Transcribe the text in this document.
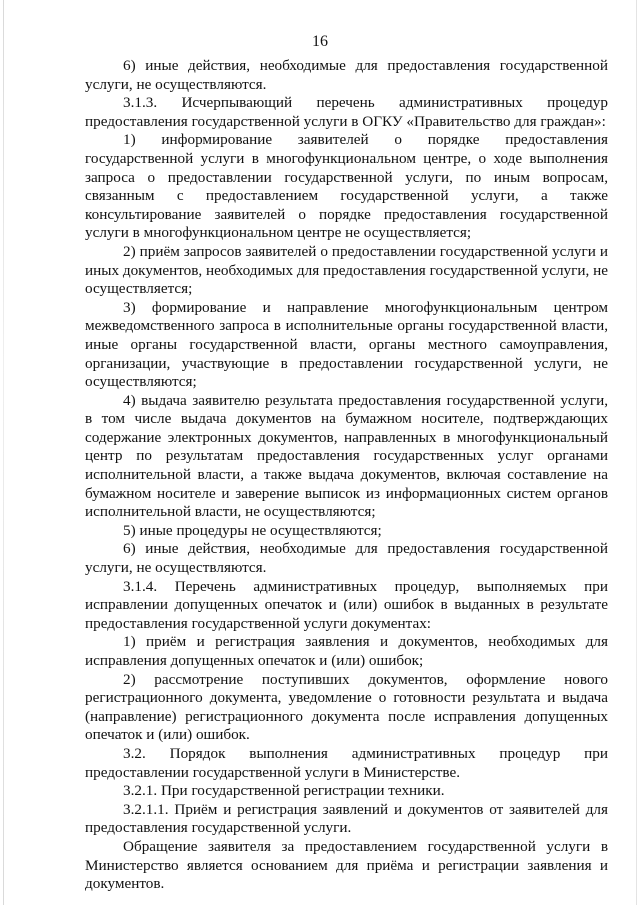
16

6) иные действия, необходимые для предоставления государственной услуги, не осуществляются.

3.1.3. Исчерпывающий перечень административных процедур предоставления государственной услуги в ОГКУ «Правительство для граждан»:

1) информирование заявителей о порядке предоставления государственной услуги в многофункциональном центре, о ходе выполнения запроса о предоставлении государственной услуги, по иным вопросам, связанным с предоставлением государственной услуги, а также консультирование заявителей о порядке предоставления государственной услуги в многофункциональном центре не осуществляется;

2) приём запросов заявителей о предоставлении государственной услуги и иных документов, необходимых для предоставления государственной услуги, не осуществляется;

3) формирование и направление многофункциональным центром межведомственного запроса в исполнительные органы государственной власти, иные органы государственной власти, органы местного самоуправления, организации, участвующие в предоставлении государственной услуги, не осуществляются;

4) выдача заявителю результата предоставления государственной услуги, в том числе выдача документов на бумажном носителе, подтверждающих содержание электронных документов, направленных в многофункциональный центр по результатам предоставления государственных услуг органами исполнительной власти, а также выдача документов, включая составление на бумажном носителе и заверение выписок из информационных систем органов исполнительной власти, не осуществляются;

5) иные процедуры не осуществляются;

6) иные действия, необходимые для предоставления государственной услуги, не осуществляются.

3.1.4. Перечень административных процедур, выполняемых при исправлении допущенных опечаток и (или) ошибок в выданных в результате предоставления государственной услуги документах:

1) приём и регистрация заявления и документов, необходимых для исправления допущенных опечаток и (или) ошибок;

2) рассмотрение поступивших документов, оформление нового регистрационного документа, уведомление о готовности результата и выдача (направление) регистрационного документа после исправления допущенных опечаток и (или) ошибок.

3.2. Порядок выполнения административных процедур при предоставлении государственной услуги в Министерстве.

3.2.1. При государственной регистрации техники.

3.2.1.1. Приём и регистрация заявлений и документов от заявителей для предоставления государственной услуги.

Обращение заявителя за предоставлением государственной услуги в Министерство является основанием для приёма и регистрации заявления и документов.
